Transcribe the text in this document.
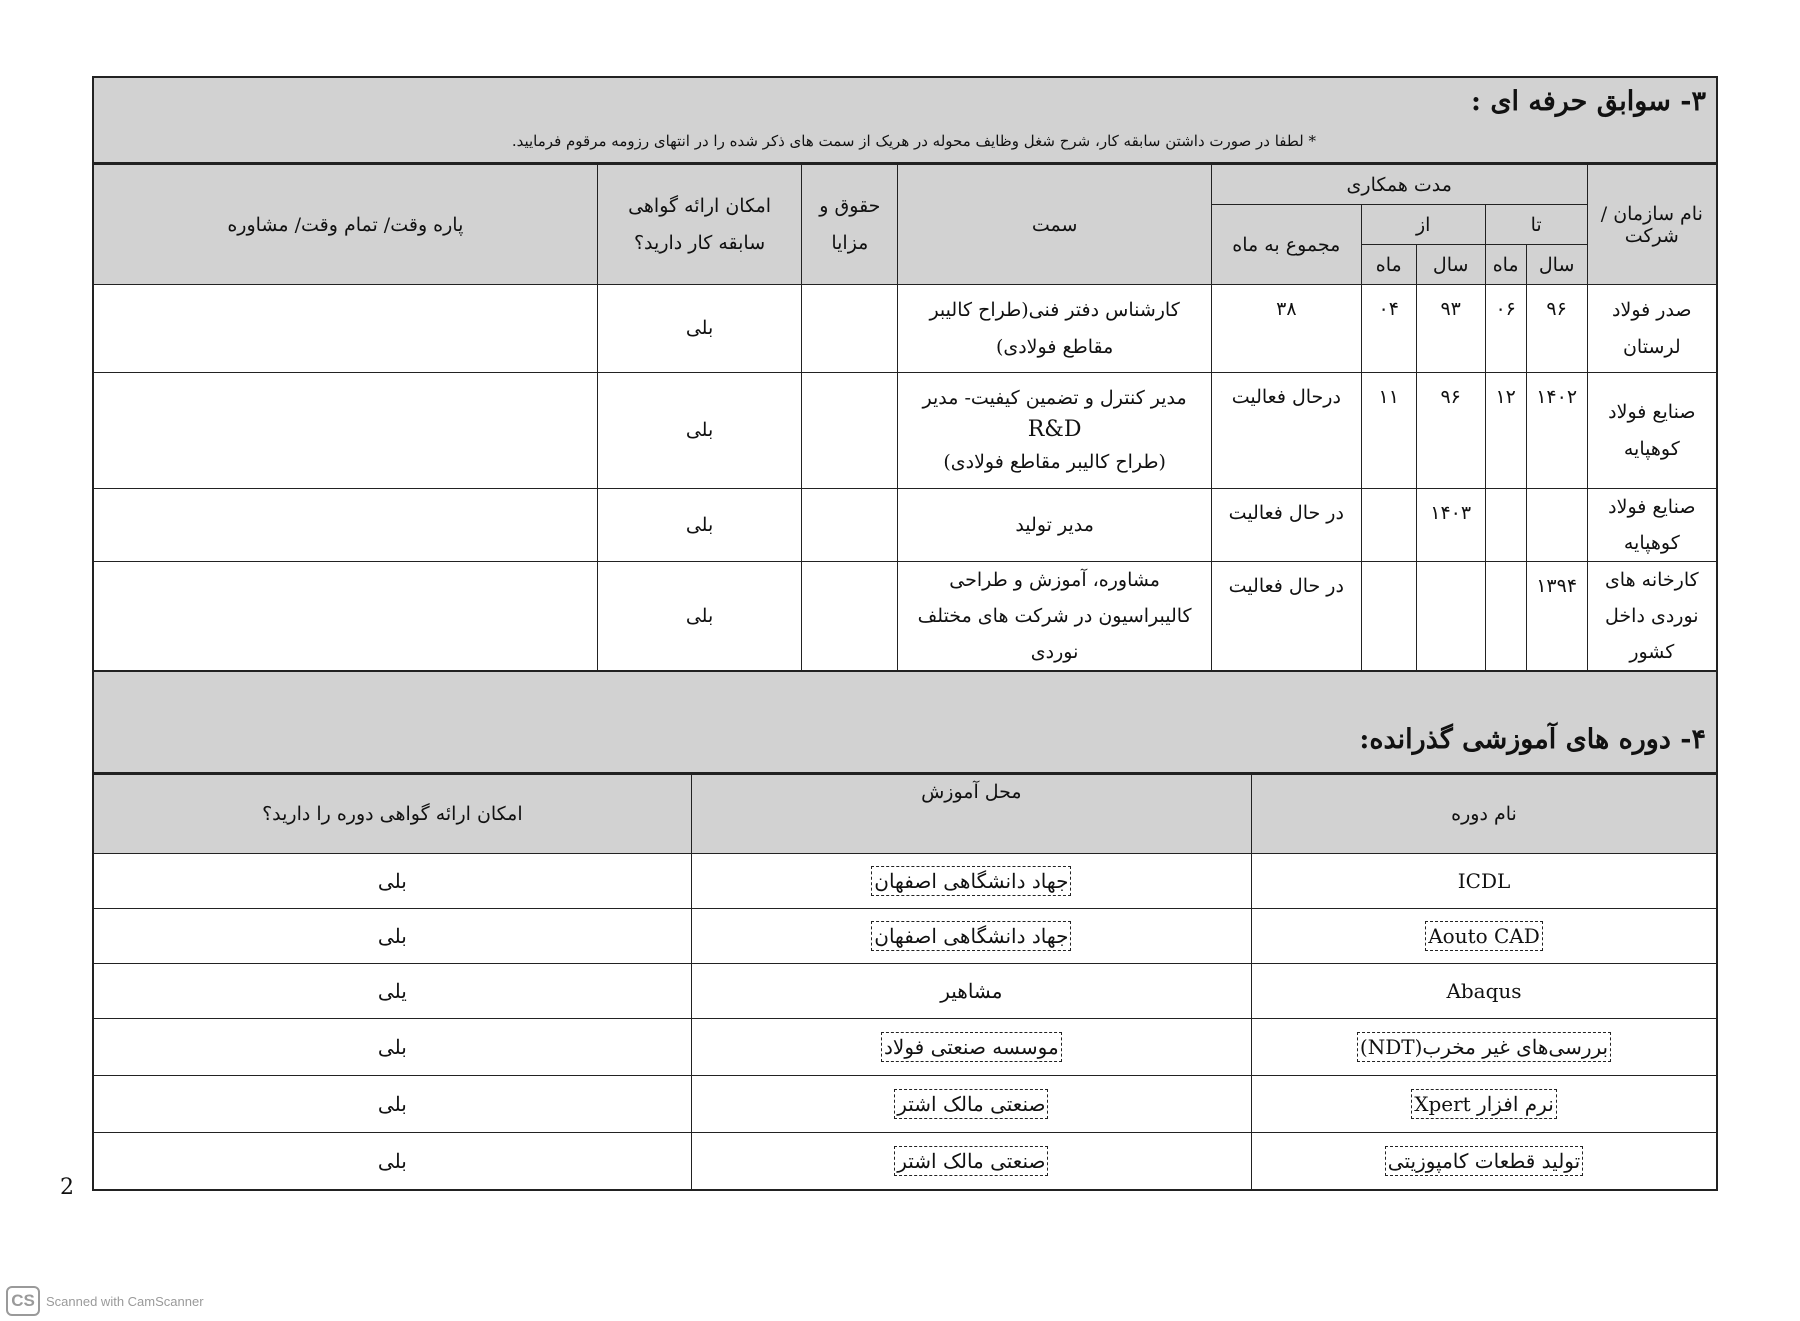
۳- سوابق حرفه ای :
* لطفا در صورت داشتن سابقه کار، شرح شغل وظایف محوله در هریک از سمت های ذکر شده را در انتهای رزومه مرقوم فرمایید.
نام سازمان / شرکت	مدت همکاری					سمت	حقوق و مزایا	امکان ارائه گواهی سابقه کار دارید؟	پاره وقت/ تمام وقت/ مشاوره
	تا		از		مجموع به ماه				
	سال	ماه	سال	ماه					
صدر فولاد لرستان	۹۶	۰۶	۹۳	۰۴	۳۸	کارشناس دفتر فنی(طراح کالیبر مقاطع فولادی)		بلی	
صنایع فولاد کوهپایه	۱۴۰۲	۱۲	۹۶	۱۱	درحال فعالیت	مدیر کنترل و تضمین کیفیت- مدیر
R&D
(طراح کالیبر مقاطع فولادی)		بلی	
صنایع فولاد کوهپایه			۱۴۰۳		در حال فعالیت	مدیر تولید		بلی	
کارخانه های نوردی داخل کشور	۱۳۹۴				در حال فعالیت	مشاوره، آموزش و طراحی کالیبراسیون در شرکت های مختلف نوردی		بلی	
۴- دوره های آموزشی گذرانده:
نام دوره	محل آموزش	امکان ارائه گواهی دوره را دارید؟
ICDL	جهاد دانشگاهی اصفهان	بلی
Aouto CAD	جهاد دانشگاهی اصفهان	بلی
Abaqus	مشاهیر	یلی
بررسی‌های غیر مخرب(NDT)	موسسه صنعتی فولاد	بلی
نرم افزار Xpert	صنعتی مالک اشتر	بلی
تولید قطعات کامپوزیتی	صنعتی مالک اشتر	بلی
2
CS Scanned with CamScanner
